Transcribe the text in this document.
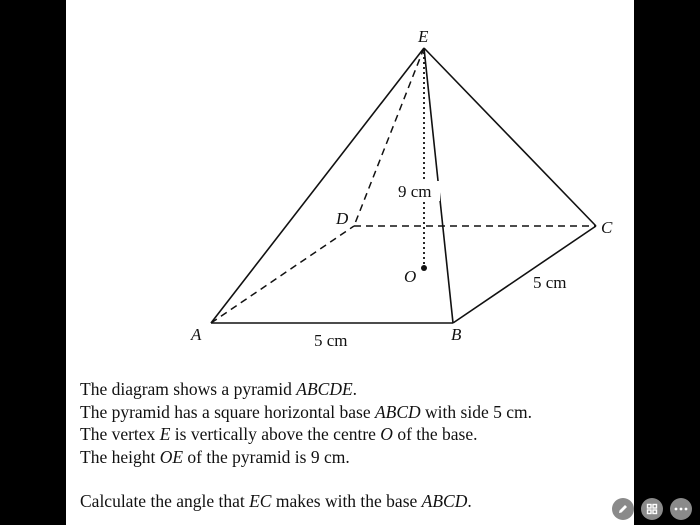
9 cm
E
D	C
O
A	B
5 cm
5 cm

The diagram shows a pyramid ABCDE.

The pyramid has a square horizontal base ABCD with side 5 cm.

The vertex E is vertically above the centre O of the base.

The height OE of the pyramid is 9 cm.

Calculate the angle that EC makes with the base ABCD.
